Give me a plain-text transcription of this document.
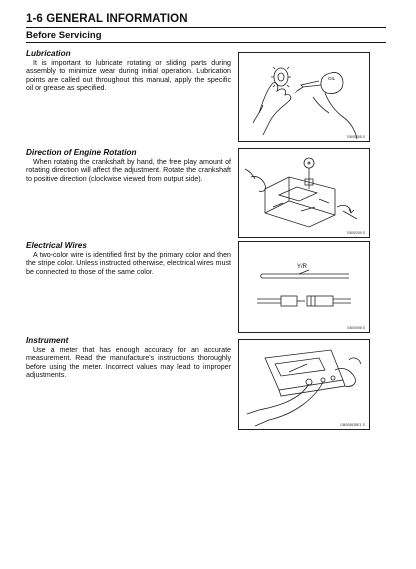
1-6 GENERAL INFORMATION
Before Servicing
Lubrication

It is important to lubricate rotating or sliding parts during assembly to minimize wear during initial operation. Lubrication points are called out throughout this manual, apply the specific oil or grease as specified.

OIL
GB00258 S
Direction of Engine Rotation

When rotating the crankshaft by hand, the free play amount of rotating direction will affect the adjustment. Rotate the crankshaft to positive direction (clockwise viewed from output side).

GB00259 S
Electrical Wires

A two-color wire is identified first by the primary color and then the stripe color. Unless instructed otherwise, electrical wires must be connected to those of the same color.

Y/R
GB00098 S
Instrument

Use a meter that has enough accuracy for an accurate measurement. Read the manufacture's instructions thoroughly before using the meter. Incorrect values may lead to improper adjustments.

GB00982BE1 S
